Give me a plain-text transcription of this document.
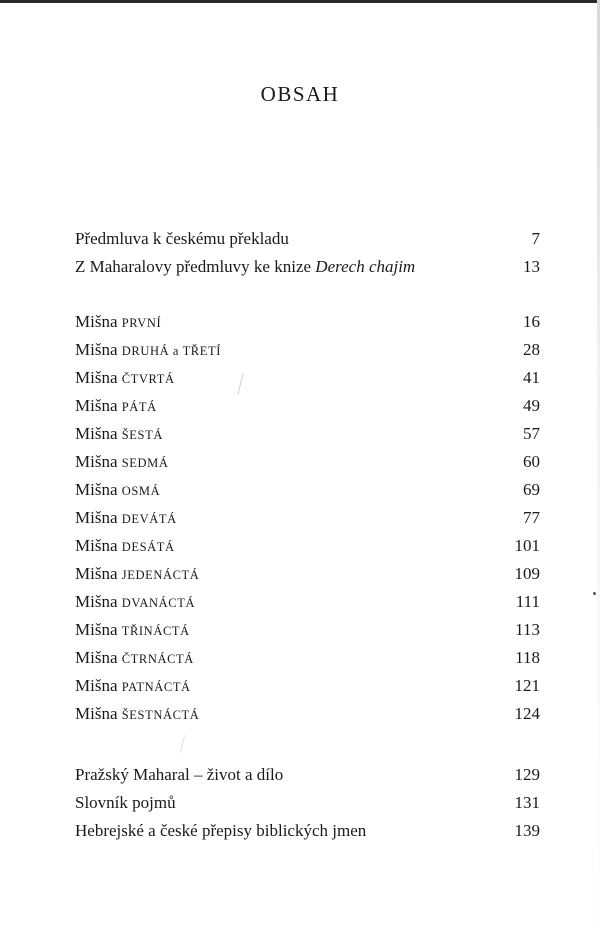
OBSAH
Předmluva k českému překladu	7
Z Maharalovy předmluvy ke knize Derech chajim	13
Mišna PRVNÍ	16
Mišna DRUHÁ a TŘETÍ	28
Mišna ČTVRTÁ	41
Mišna PÁTÁ	49
Mišna ŠESTÁ	57
Mišna SEDMÁ	60
Mišna OSMÁ	69
Mišna DEVÁTÁ	77
Mišna DESÁTÁ	101
Mišna JEDENÁCTÁ	109
Mišna DVANÁCTÁ	111
Mišna TŘINÁCTÁ	113
Mišna ČTRNÁCTÁ	118
Mišna PATNÁCTÁ	121
Mišna ŠESTNÁCTÁ	124
Pražský Maharal – život a dílo	129
Slovník pojmů	131
Hebrejské a české přepisy biblických jmen	139
